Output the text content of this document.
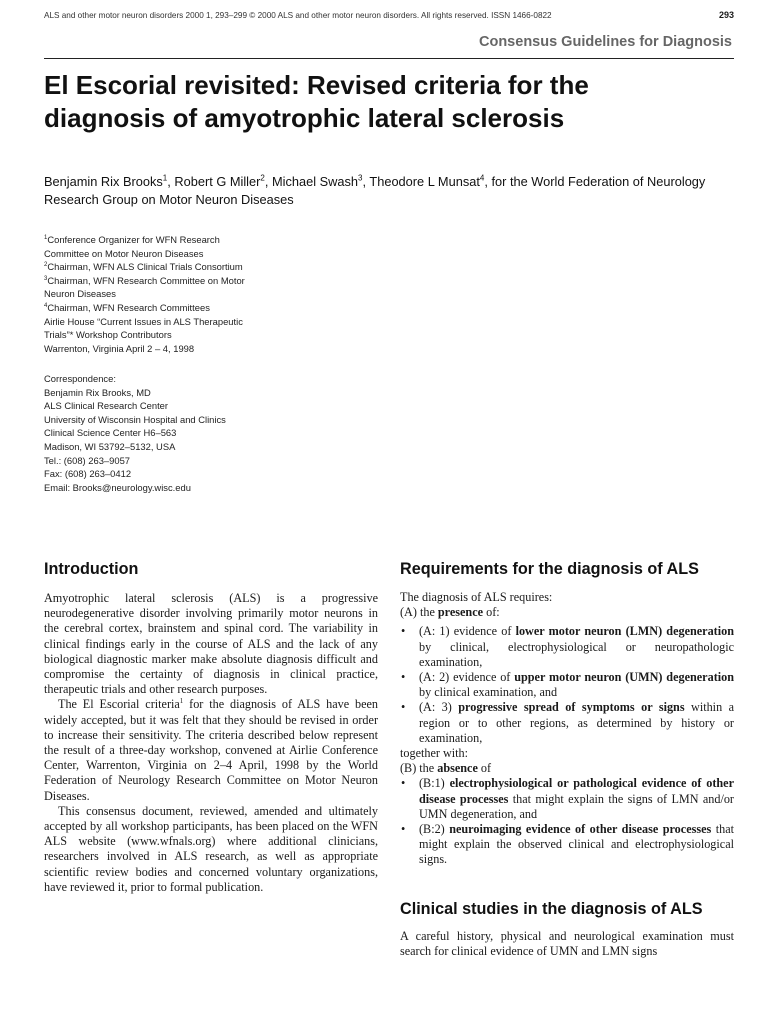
ALS and other motor neuron disorders 2000 1, 293–299 © 2000 ALS and other motor neuron disorders. All rights reserved. ISSN 1466-0822	293
Consensus Guidelines for Diagnosis
El Escorial revisited: Revised criteria for the
diagnosis of amyotrophic lateral sclerosis

Benjamin Rix Brooks$^1$, Robert G Miller$^2$, Michael Swash$^3$, Theodore L Munsat$^4$, for the World Federation of Neurology Research Group on Motor Neuron Diseases

$^1$Conference Organizer for WFN Research
Committee on Motor Neuron Diseases
$^2$Chairman, WFN ALS Clinical Trials Consortium
$^3$Chairman, WFN Research Committee on Motor
Neuron Diseases
$^4$Chairman, WFN Research Committees
Airlie House “Current Issues in ALS Therapeutic
Trials”* Workshop Contributors
Warrenton, Virginia April 2 – 4, 1998
Correspondence:
Benjamin Rix Brooks, MD
ALS Clinical Research Center
University of Wisconsin Hospital and Clinics
Clinical Science Center H6–563
Madison, WI 53792–5132, USA
Tel.: (608) 263–9057
Fax: (608) 263–0412
Email: Brooks@neurology.wisc.edu
Introduction

Amyotrophic lateral sclerosis (ALS) is a progressive neurodegenerative disorder involving primarily motor neurons in the cerebral cortex, brainstem and spinal cord. The variability in clinical findings early in the course of ALS and the lack of any biological diagnostic marker make absolute diagnosis difficult and compromise the certainty of diagnosis in clinical practice, therapeutic trials and other research purposes.

The El Escorial criteria$^1$ for the diagnosis of ALS have been widely accepted, but it was felt that they should be revised in order to increase their sensitivity. The criteria described below represent the result of a three-day workshop, convened at Airlie Conference Center, Warrenton, Virginia on 2–4 April, 1998 by the World Federation of Neurology Research Committee on Motor Neuron Diseases.

This consensus document, reviewed, amended and ultimately accepted by all workshop participants, has been placed on the WFN ALS website (www.wfnals.org) where additional clinicians, researchers involved in ALS research, as well as appropriate scientific review bodies and concerned voluntary organizations, have reviewed it, prior to formal publication.

Requirements for the diagnosis of ALS

The diagnosis of ALS requires:

(A) the presence of:

• (A: 1) evidence of lower motor neuron (LMN) degeneration by clinical, electrophysiological or neuropathologic examination,
• (A: 2) evidence of upper motor neuron (UMN) degeneration by clinical examination, and
• (A: 3) progressive spread of symptoms or signs within a region or to other regions, as determined by history or examination,

together with:

(B) the absence of

• (B:1) electrophysiological or pathological evidence of other disease processes that might explain the signs of LMN and/or UMN degeneration, and
• (B:2) neuroimaging evidence of other disease processes that might explain the observed clinical and electrophysiological signs.
Clinical studies in the diagnosis of ALS

A careful history, physical and neurological examination must search for clinical evidence of UMN and LMN signs
